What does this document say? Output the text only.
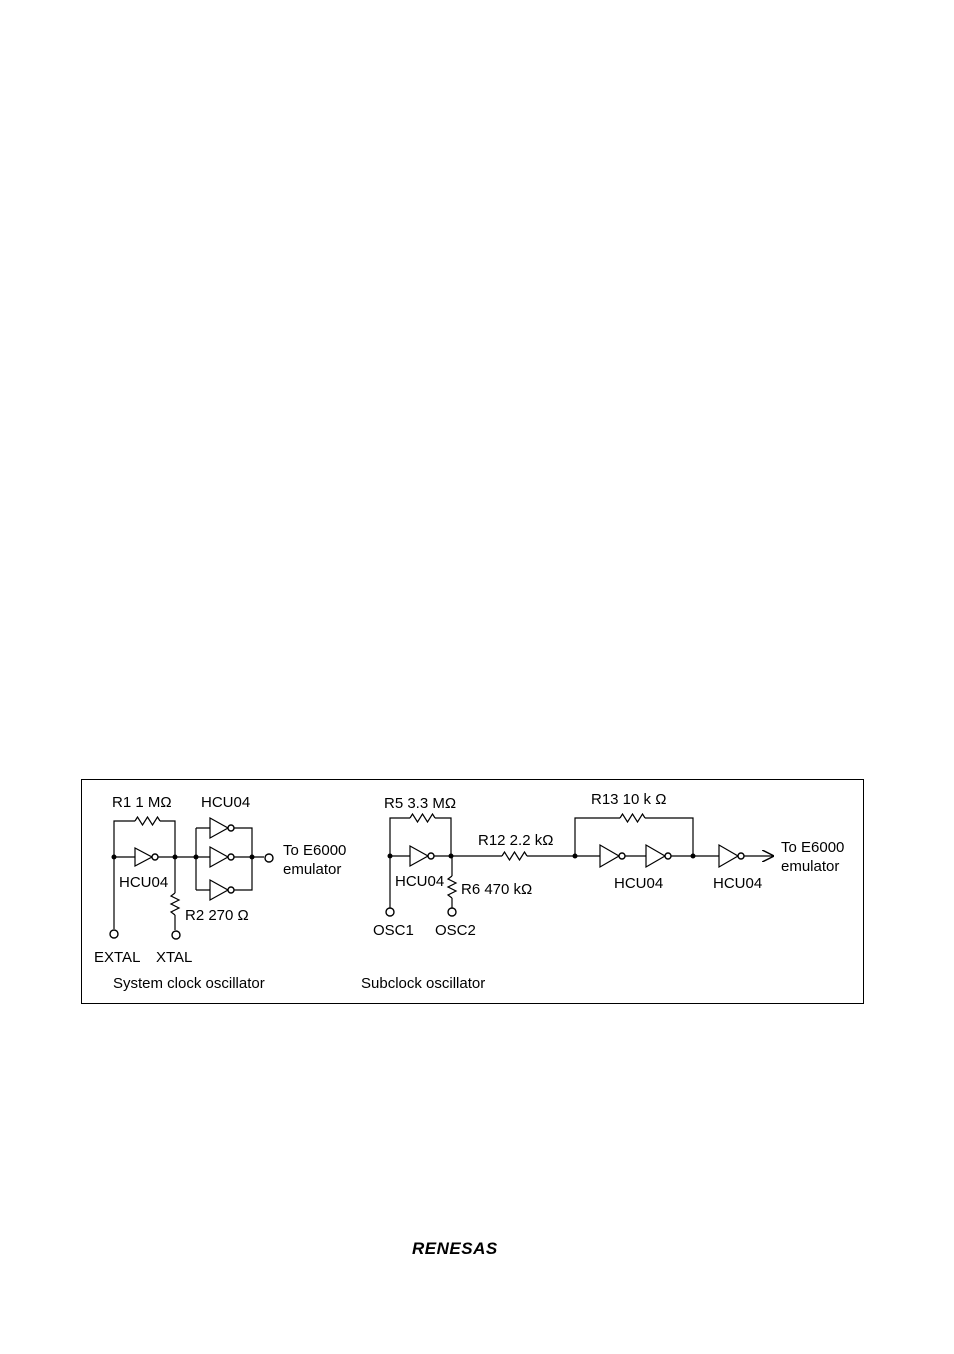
R1 1 MΩ HCU04
HCU04
R2 270 Ω
EXTAL XTAL
To E6000
emulator
System clock oscillator
R5 3.3 MΩ	R13 10 k Ω
R12 2.2 kΩ
HCU04 R6 470 kΩ
OSC1 OSC2
HCU04	HCU04
To E6000
emulator
Subclock oscillator
RENESAS
